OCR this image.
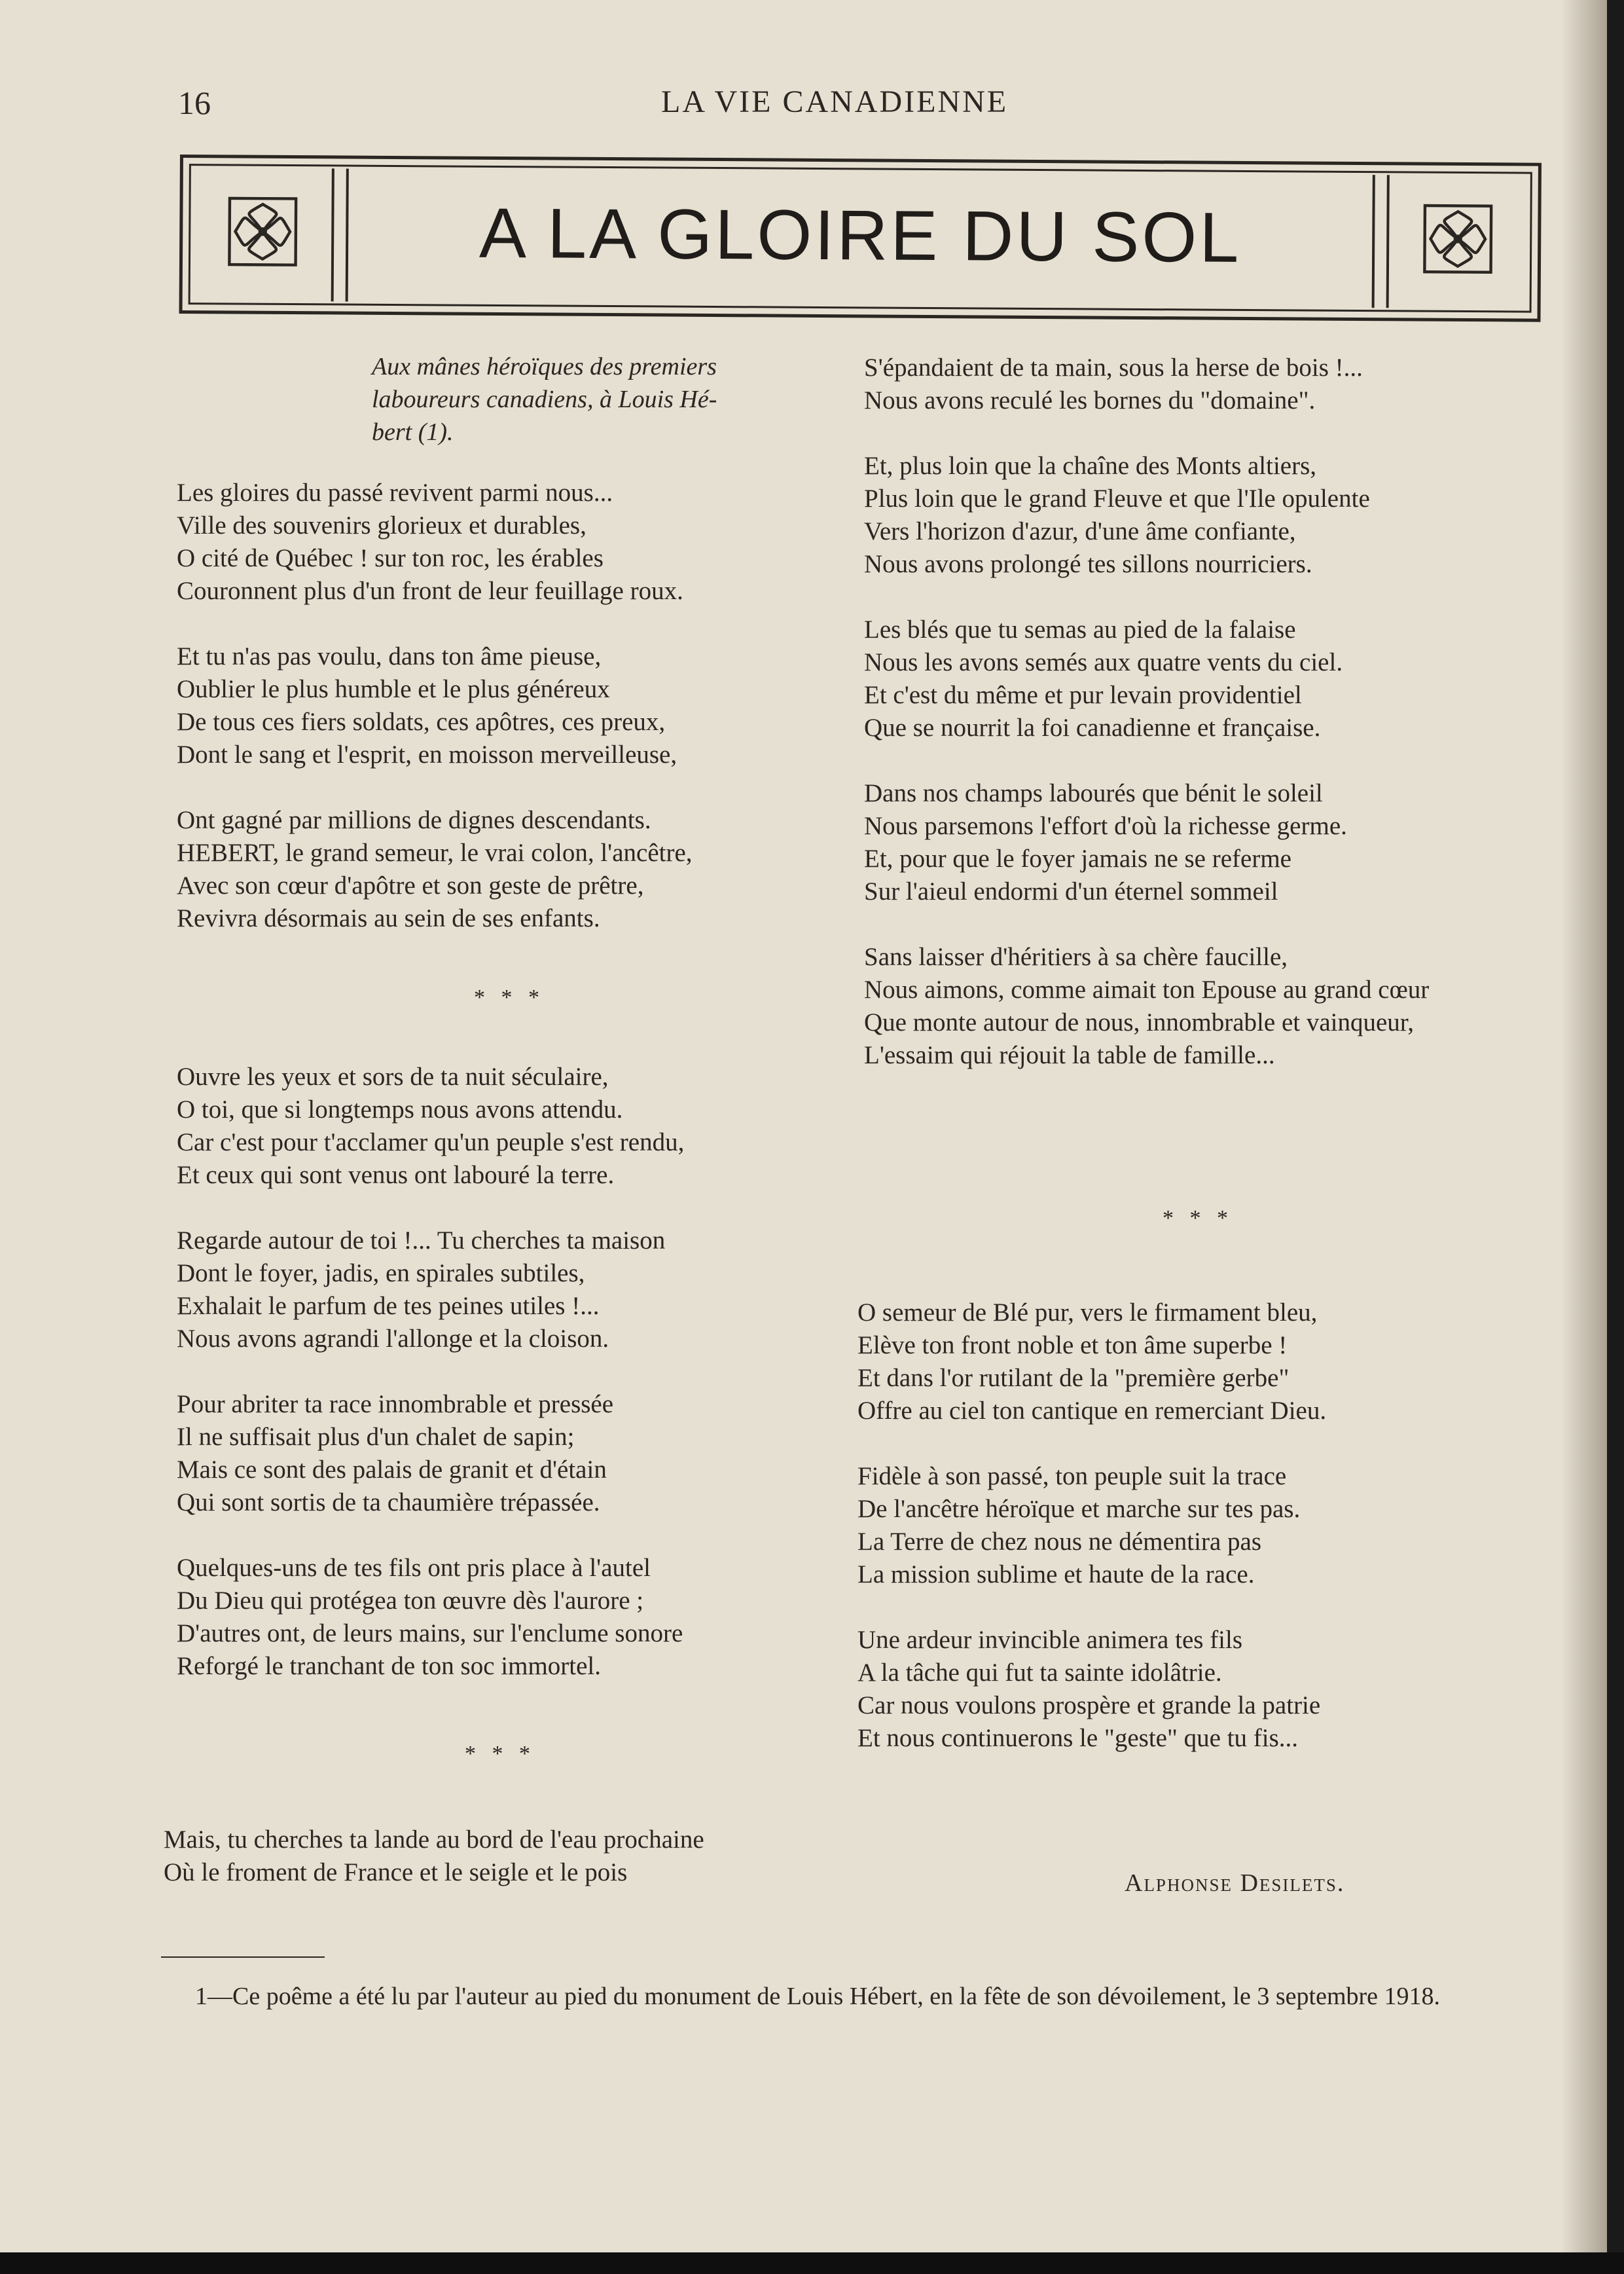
16	LA VIE CANADIENNE
A LA GLOIRE DU SOL
Aux mânes héroïques des premiers
laboureurs canadiens, à Louis Hé-
bert (1).
Les gloires du passé revivent parmi nous...
Ville des souvenirs glorieux et durables,
O cité de Québec ! sur ton roc, les érables
Couronnent plus d'un front de leur feuillage roux.
Et tu n'as pas voulu, dans ton âme pieuse,
Oublier le plus humble et le plus généreux
De tous ces fiers soldats, ces apôtres, ces preux,
Dont le sang et l'esprit, en moisson merveilleuse,
Ont gagné par millions de dignes descendants.
HEBERT, le grand semeur, le vrai colon, l'ancêtre,
Avec son cœur d'apôtre et son geste de prêtre,
Revivra désormais au sein de ses enfants.
* * *
Ouvre les yeux et sors de ta nuit séculaire,
O toi, que si longtemps nous avons attendu.
Car c'est pour t'acclamer qu'un peuple s'est rendu,
Et ceux qui sont venus ont labouré la terre.
Regarde autour de toi !... Tu cherches ta maison
Dont le foyer, jadis, en spirales subtiles,
Exhalait le parfum de tes peines utiles !...
Nous avons agrandi l'allonge et la cloison.
Pour abriter ta race innombrable et pressée
Il ne suffisait plus d'un chalet de sapin;
Mais ce sont des palais de granit et d'étain
Qui sont sortis de ta chaumière trépassée.
Quelques-uns de tes fils ont pris place à l'autel
Du Dieu qui protégea ton œuvre dès l'aurore ;
D'autres ont, de leurs mains, sur l'enclume sonore
Reforgé le tranchant de ton soc immortel.
* * *
Mais, tu cherches ta lande au bord de l'eau prochaine
Où le froment de France et le seigle et le pois
S'épandaient de ta main, sous la herse de bois !...
Nous avons reculé les bornes du "domaine".
Et, plus loin que la chaîne des Monts altiers,
Plus loin que le grand Fleuve et que l'Ile opulente
Vers l'horizon d'azur, d'une âme confiante,
Nous avons prolongé tes sillons nourriciers.
Les blés que tu semas au pied de la falaise
Nous les avons semés aux quatre vents du ciel.
Et c'est du même et pur levain providentiel
Que se nourrit la foi canadienne et française.
Dans nos champs labourés que bénit le soleil
Nous parsemons l'effort d'où la richesse germe.
Et, pour que le foyer jamais ne se referme
Sur l'aieul endormi d'un éternel sommeil
Sans laisser d'héritiers à sa chère faucille,
Nous aimons, comme aimait ton Epouse au grand cœur
Que monte autour de nous, innombrable et vainqueur,
L'essaim qui réjouit la table de famille...
* * *
O semeur de Blé pur, vers le firmament bleu,
Elève ton front noble et ton âme superbe !
Et dans l'or rutilant de la "première gerbe"
Offre au ciel ton cantique en remerciant Dieu.
Fidèle à son passé, ton peuple suit la trace
De l'ancêtre héroïque et marche sur tes pas.
La Terre de chez nous ne démentira pas
La mission sublime et haute de la race.
Une ardeur invincible animera tes fils
A la tâche qui fut ta sainte idolâtrie.
Car nous voulons prospère et grande la patrie
Et nous continuerons le "geste" que tu fis...
Alphonse Desilets.
1—Ce poême a été lu par l'auteur au pied du monument de Louis Hébert, en la fête de son dévoilement, le 3 septembre 1918.
